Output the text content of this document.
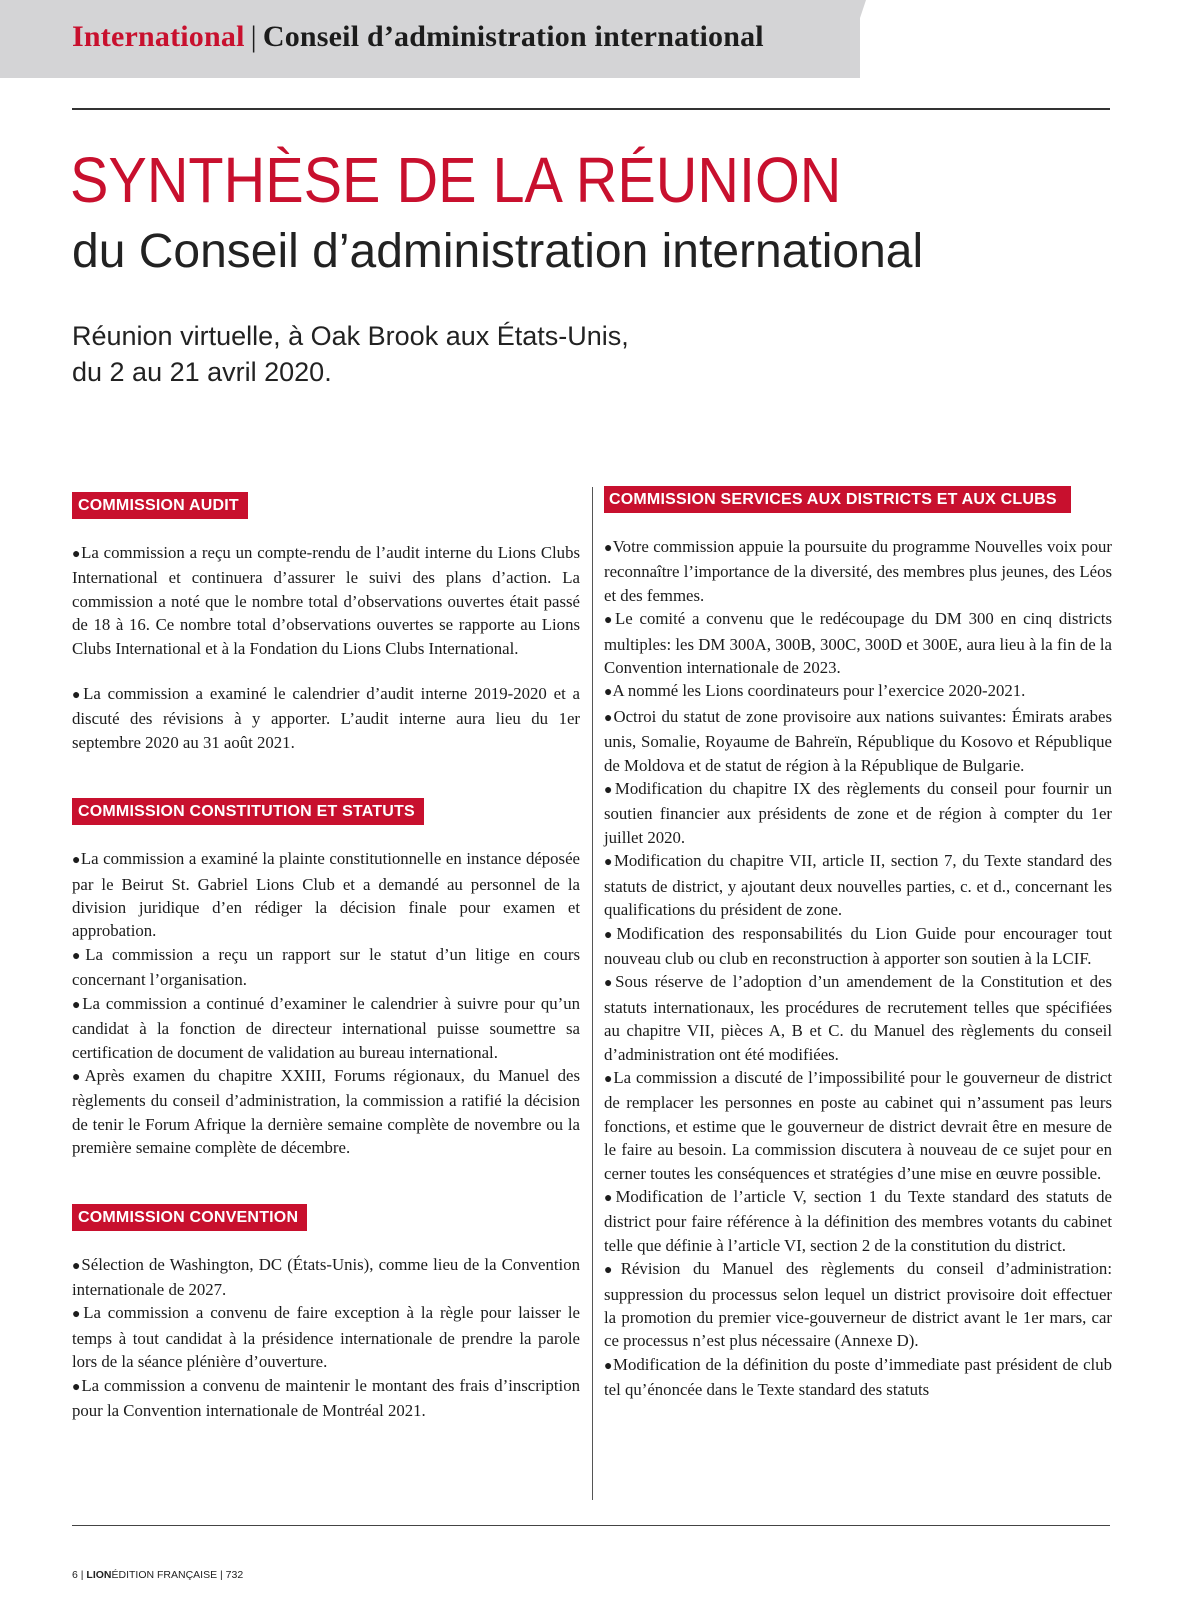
International | Conseil d’administration international
SYNTHÈSE DE LA RÉUNION
du Conseil d’administration international

Réunion virtuelle, à Oak Brook aux États-Unis,
du 2 au 21 avril 2020.

COMMISSION AUDIT

●La commission a reçu un compte-rendu de l’audit interne du Lions Clubs International et continuera d’assurer le suivi des plans d’action. La commission a noté que le nombre total d’observations ouvertes était passé de 18 à 16. Ce nombre total d’observations ouvertes se rapporte au Lions Clubs International et à la Fondation du Lions Clubs International.

●La commission a examiné le calendrier d’audit interne 2019-2020 et a discuté des révisions à y apporter. L’audit interne aura lieu du 1er septembre 2020 au 31 août 2021.

COMMISSION CONSTITUTION ET STATUTS

●La commission a examiné la plainte constitutionnelle en instance déposée par le Beirut St. Gabriel Lions Club et a demandé au personnel de la division juridique d’en rédiger la décision finale pour examen et approbation.

●La commission a reçu un rapport sur le statut d’un litige en cours concernant l’organisation.

●La commission a continué d’examiner le calendrier à suivre pour qu’un candidat à la fonction de directeur international puisse soumettre sa certification de document de validation au bureau international.

●Après examen du chapitre XXIII, Forums régionaux, du Manuel des règlements du conseil d’administration, la commission a ratifié la décision de tenir le Forum Afrique la dernière semaine complète de novembre ou la première semaine complète de décembre.

COMMISSION CONVENTION

●Sélection de Washington, DC (États-Unis), comme lieu de la Convention internationale de 2027.

●La commission a convenu de faire exception à la règle pour laisser le temps à tout candidat à la présidence internationale de prendre la parole lors de la séance plénière d’ouverture.

●La commission a convenu de maintenir le montant des frais d’inscription pour la Convention internationale de Montréal 2021.

COMMISSION SERVICES AUX DISTRICTS ET AUX CLUBS

●Votre commission appuie la poursuite du programme Nouvelles voix pour reconnaître l’importance de la diversité, des membres plus jeunes, des Léos et des femmes.

●Le comité a convenu que le redécoupage du DM 300 en cinq districts multiples: les DM 300A, 300B, 300C, 300D et 300E, aura lieu à la fin de la Convention internationale de 2023.

●A nommé les Lions coordinateurs pour l’exercice 2020-2021.

●Octroi du statut de zone provisoire aux nations suivantes: Émirats arabes unis, Somalie, Royaume de Bahreïn, République du Kosovo et République de Moldova et de statut de région à la République de Bulgarie.

●Modification du chapitre IX des règlements du conseil pour fournir un soutien financier aux présidents de zone et de région à compter du 1er juillet 2020.

●Modification du chapitre VII, article II, section 7, du Texte standard des statuts de district, y ajoutant deux nouvelles parties, c. et d., concernant les qualifications du président de zone.

●Modification des responsabilités du Lion Guide pour encourager tout nouveau club ou club en reconstruction à apporter son soutien à la LCIF.

●Sous réserve de l’adoption d’un amendement de la Constitution et des statuts internationaux, les procédures de recrutement telles que spécifiées au chapitre VII, pièces A, B et C. du Manuel des règlements du conseil d’administration ont été modifiées.

●La commission a discuté de l’impossibilité pour le gouverneur de district de remplacer les personnes en poste au cabinet qui n’assument pas leurs fonctions, et estime que le gouverneur de district devrait être en mesure de le faire au besoin. La commission discutera à nouveau de ce sujet pour en cerner toutes les conséquences et stratégies d’une mise en œuvre possible.

●Modification de l’article V, section 1 du Texte standard des statuts de district pour faire référence à la définition des membres votants du cabinet telle que définie à l’article VI, section 2 de la constitution du district.

●Révision du Manuel des règlements du conseil d’administration: suppression du processus selon lequel un district provisoire doit effectuer la promotion du premier vice-gouverneur de district avant le 1er mars, car ce processus n’est plus nécessaire (Annexe D).

●Modification de la définition du poste d’immediate past président de club tel qu’énoncée dans le Texte standard des statuts

6 | LIONÉDITION FRANÇAISE | 732
